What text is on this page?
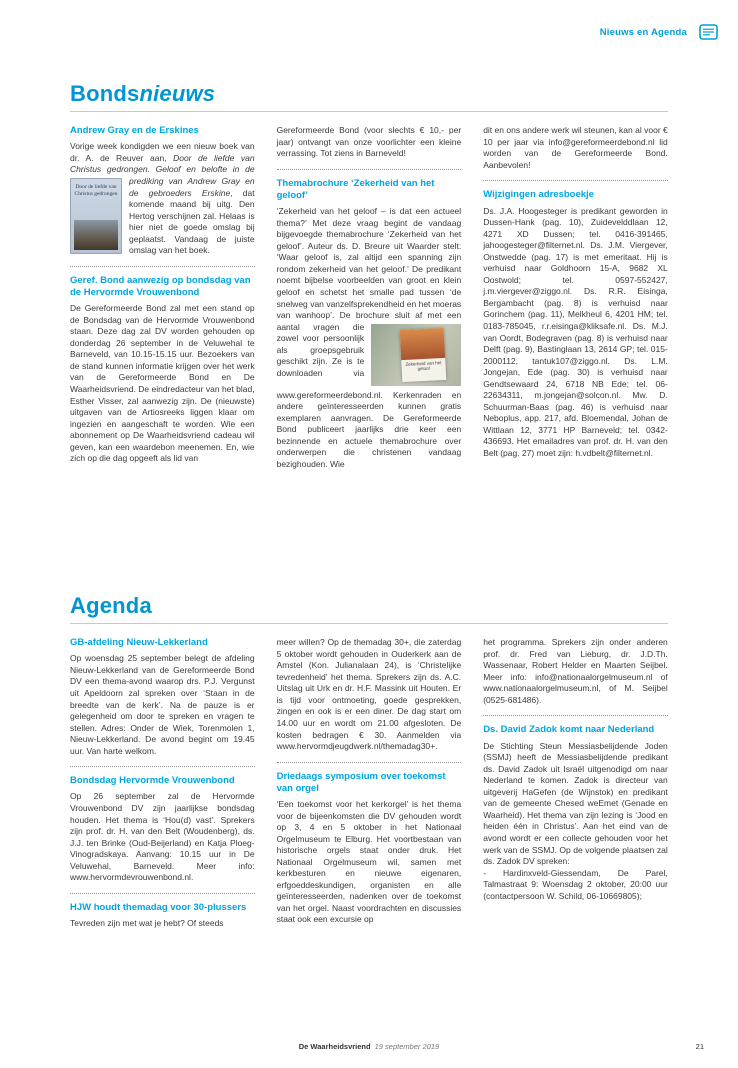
Nieuws en Agenda
Bondsnieuws
Andrew Gray en de Erskines

Vorige week kondigden we een nieuw boek van dr. A. de Reuver aan, Door de liefde van Christus gedrongen. Geloof en belofte in de
Door de liefde van Christus gedrongen
prediking van Andrew Gray en de gebroeders Erskine, dat komende maand bij uitg. Den Hertog verschijnen zal. Helaas is hier niet de goede omslag bij geplaatst. Vandaag de juiste omslag van het boek.

Geref. Bond aanwezig op bondsdag van de Hervormde Vrouwenbond

De Gereformeerde Bond zal met een stand op de Bondsdag van de Hervormde Vrouwenbond staan. Deze dag zal DV worden gehouden op donderdag 26 september in de Veluwehal te Barneveld, van 10.15-15.15 uur. Bezoekers van de stand kunnen informatie krijgen over het werk van de Gereformeerde Bond en De Waarheidsvriend. De eindredacteur van het blad, Esther Visser, zal aanwezig zijn. De (nieuwste) uitgaven van de Artiosreeks liggen klaar om ingezien en aangeschaft te worden. Wie een abonnement op De Waarheidsvriend cadeau wil geven, kan een waardebon meenemen. En, wie zich op die dag opgeeft als lid van

Gereformeerde Bond (voor slechts € 10,- per jaar) ontvangt van onze voorlichter een kleine verrassing. Tot ziens in Barneveld!

Themabrochure ‘Zekerheid van het geloof’

‘Zekerheid van het geloof – is dat een actueel thema?’ Met deze vraag begint de vandaag bijgevoegde themabrochure ‘Zekerheid van het geloof’. Auteur ds. D. Breure uit Waarder stelt: ‘Waar geloof is, zal altijd een spanning zijn rondom zekerheid van het geloof.’ De predikant noemt bijbelse voorbeelden van groot en klein geloof en schetst het smalle pad tussen ‘de snelweg van vanzelfsprekendheid en het moeras van wanhoop’. De brochure sluit af
Zekerheid van het geloof
met een aantal vragen die zowel voor persoonlijk als groepsgebruik geschikt zijn. Ze is te downloaden via www.gereformeerdebond.nl. Kerkenraden en andere geïnteresseerden kunnen gratis exemplaren aanvragen. De Gereformeerde Bond publiceert jaarlijks drie keer een bezinnende en actuele themabrochure over onderwerpen die christenen vandaag bezighouden. Wie

dit en ons andere werk wil steunen, kan al voor € 10 per jaar via info@gereformeerdebond.nl lid worden van de Gereformeerde Bond. Aanbevolen!

Wijzigingen adresboekje

Ds. J.A. Hoogesteger is predikant geworden in Dussen-Hank (pag. 10), Zuidevelddlaan 12, 4271 XD Dussen; tel. 0416-391465, jahoogesteger@filternet.nl. Ds. J.M. Viergever, Onstwedde (pag. 17) is met emeritaat. Hij is verhuisd naar Goldhoorn 15-A, 9682 XL Oostwold; tel. 0597-552427, j.m.viergever@ziggo.nl. Ds. R.R. Eisinga, Bergambacht (pag. 8) is verhuisd naar Gorinchem (pag. 11), Melkheul 6, 4201 HM; tel. 0183-785045, r.r.eisinga@kliksafe.nl. Ds. M.J. van Oordt, Bodegraven (pag. 8) is verhuisd naar Delft (pag. 9), Bastinglaan 13, 2614 GP; tel. 015-2000112, tantuk107@ziggo.nl. Ds. L.M. Jongejan, Ede (pag. 30) is verhuisd naar Gendtsewaard 24, 6718 NB Ede; tel. 06-22634311, m.jongejan@solcon.nl. Mw. D. Schuurman-Baas (pag. 46) is verhuisd naar Neboplus, app. 217, afd. Bloemendal, Johan de Wittlaan 12, 3771 HP Barneveld; tel. 0342-436693. Het emailadres van prof. dr. H. van den Belt (pag. 27) moet zijn: h.vdbelt@filternet.nl.

Agenda
GB-afdeling Nieuw-Lekkerland

Op woensdag 25 september belegt de afdeling Nieuw-Lekkerland van de Gereformeerde Bond DV een thema-avond waarop drs. P.J. Vergunst uit Apeldoorn zal spreken over ‘Staan in de breedte van de kerk’. Na de pauze is er gelegenheid om door te spreken en vragen te stellen. Adres: Onder de Wiek, Torenmolen 1, Nieuw-Lekkerland. De avond begint om 19.45 uur. Van harte welkom.

Bondsdag Hervormde Vrouwenbond

Op 26 september zal de Hervormde Vrouwenbond DV zijn jaarlijkse bondsdag houden. Het thema is ‘Hou(d) vast’. Sprekers zijn prof. dr. H. van den Belt (Woudenberg), ds. J.J. ten Brinke (Oud-Beijerland) en Katja Ploeg-Vinogradskaya. Aanvang: 10.15 uur in De Veluwehal, Barneveld. Meer info: www.hervormdevrouwenbond.nl.

HJW houdt themadag voor 30-plussers

Tevreden zijn met wat je hebt? Of steeds

meer willen? Op de themadag 30+, die zaterdag 5 oktober wordt gehouden in Ouderkerk aan de Amstel (Kon. Julianalaan 24), is ‘Christelijke tevredenheid’ het thema. Sprekers zijn ds. A.C. Uitslag uit Urk en dr. H.F. Massink uit Houten. Er is tijd voor ontmoeting, goede gesprekken, zingen en ook is er een diner. De dag start om 14.00 uur en wordt om 21.00 afgesloten. De kosten bedragen € 30. Aanmelden via www.hervormdjeugdwerk.nl/themadag30+.

Driedaags symposium over toekomst van orgel

‘Een toekomst voor het kerkorgel’ is het thema voor de bijeenkomsten die DV gehouden wordt op 3, 4 en 5 oktober in het Nationaal Orgelmuseum te Elburg. Het voortbestaan van historische orgels staat onder druk. Het Nationaal Orgelmuseum wil, samen met kerkbesturen en nieuwe eigenaren, erfgoeddeskundigen, organisten en alle geïnteresseerden, nadenken over de toekomst van het orgel. Naast voordrachten en discussies staat ook een excursie op

het programma. Sprekers zijn onder anderen prof. dr. Fred van Lieburg, dr. J.D.Th. Wassenaar, Robert Helder en Maarten Seijbel. Meer info: info@nationaalorgelmuseum.nl of www.nationaalorgelmuseum.nl, of M. Seijbel (0525-681486).

Ds. David Zadok komt naar Nederland

De Stichting Steun Messiasbelijdende Joden (SSMJ) heeft de Messiasbelijdende predikant ds. David Zadok uit Israël uitgenodigd om naar Nederland te komen. Zadok is directeur van uitgeverij HaGefen (de Wijnstok) en predikant van de gemeente Chesed weEmet (Genade en Waarheid). Het thema van zijn lezing is ‘Jood en heiden één in Christus’. Aan het eind van de avond wordt er een collecte gehouden voor het werk van de SSMJ. Op de volgende plaatsen zal ds. Zadok DV spreken:

- Hardinxveld-Giessendam, De Parel, Talmastraat 9: Woensdag 2 oktober, 20:00 uur (contactpersoon W. Schild, 06-10669805);

De Waarheidsvriend 19 september 2019	21
